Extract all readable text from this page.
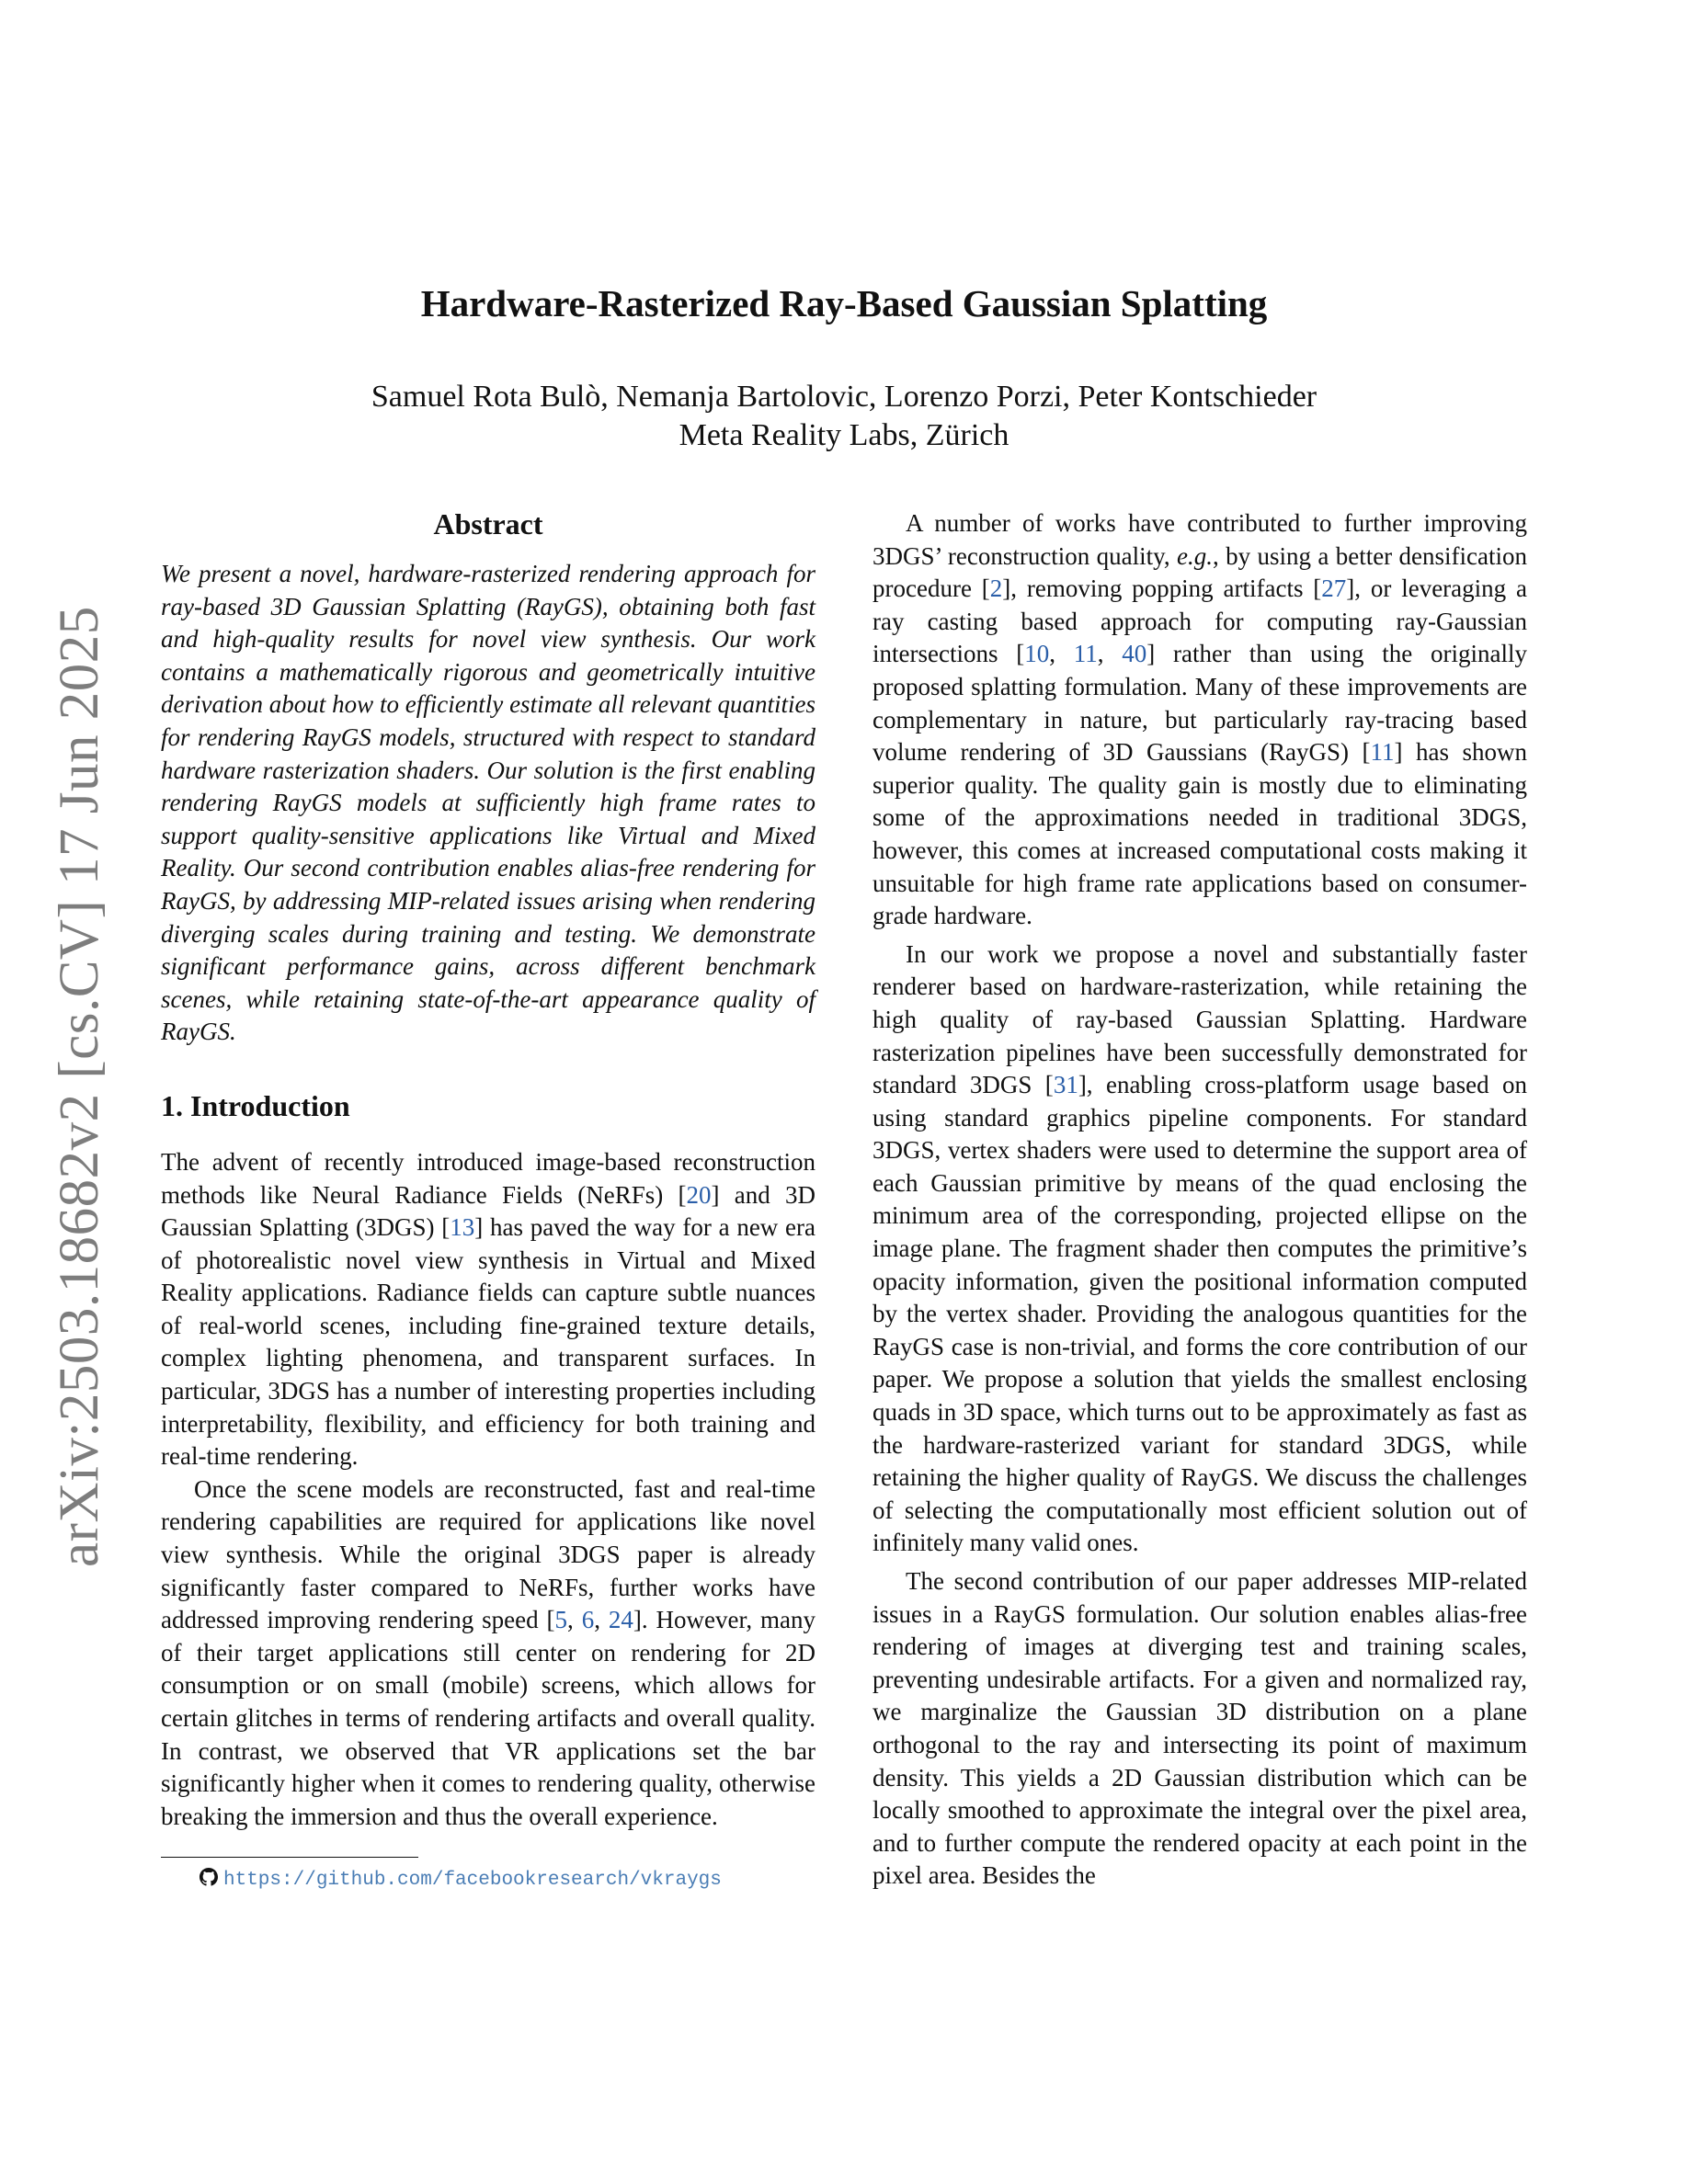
arXiv:2503.18682v2 [cs.CV] 17 Jun 2025
Hardware-Rasterized Ray-Based Gaussian Splatting
Samuel Rota Bulò, Nemanja Bartolovic, Lorenzo Porzi, Peter Kontschieder
Meta Reality Labs, Zürich
Abstract

We present a novel, hardware-rasterized rendering approach for ray-based 3D Gaussian Splatting (RayGS), obtaining both fast and high-quality results for novel view synthesis. Our work contains a mathematically rigorous and geometrically intuitive derivation about how to efficiently estimate all relevant quantities for rendering RayGS models, structured with respect to standard hardware rasterization shaders. Our solution is the first enabling rendering RayGS models at sufficiently high frame rates to support quality-sensitive applications like Virtual and Mixed Reality. Our second contribution enables alias-free rendering for RayGS, by addressing MIP-related issues arising when rendering diverging scales during training and testing. We demonstrate significant performance gains, across different benchmark scenes, while retaining state-of-the-art appearance quality of RayGS.

1. Introduction

The advent of recently introduced image-based reconstruction methods like Neural Radiance Fields (NeRFs) [20] and 3D Gaussian Splatting (3DGS) [13] has paved the way for a new era of photorealistic novel view synthesis in Virtual and Mixed Reality applications. Radiance fields can capture subtle nuances of real-world scenes, including fine-grained texture details, complex lighting phenomena, and transparent surfaces. In particular, 3DGS has a number of interesting properties including interpretability, flexibility, and efficiency for both training and real-time rendering.

Once the scene models are reconstructed, fast and real-time rendering capabilities are required for applications like novel view synthesis. While the original 3DGS paper is already significantly faster compared to NeRFs, further works have addressed improving rendering speed [5, 6, 24]. However, many of their target applications still center on rendering for 2D consumption or on small (mobile) screens, which allows for certain glitches in terms of rendering artifacts and overall quality. In contrast, we observed that VR applications set the bar significantly higher when it comes to rendering quality, otherwise breaking the immersion and thus the overall experience.

https://github.com/facebookresearch/vkraygs

A number of works have contributed to further improving 3DGS’ reconstruction quality, e.g., by using a better densification procedure [2], removing popping artifacts [27], or leveraging a ray casting based approach for computing ray-Gaussian intersections [10, 11, 40] rather than using the originally proposed splatting formulation. Many of these improvements are complementary in nature, but particularly ray-tracing based volume rendering of 3D Gaussians (RayGS) [11] has shown superior quality. The quality gain is mostly due to eliminating some of the approximations needed in traditional 3DGS, however, this comes at increased computational costs making it unsuitable for high frame rate applications based on consumer-grade hardware.

In our work we propose a novel and substantially faster renderer based on hardware-rasterization, while retaining the high quality of ray-based Gaussian Splatting. Hardware rasterization pipelines have been successfully demonstrated for standard 3DGS [31], enabling cross-platform usage based on using standard graphics pipeline components. For standard 3DGS, vertex shaders were used to determine the support area of each Gaussian primitive by means of the quad enclosing the minimum area of the corresponding, projected ellipse on the image plane. The fragment shader then computes the primitive’s opacity information, given the positional information computed by the vertex shader. Providing the analogous quantities for the RayGS case is non-trivial, and forms the core contribution of our paper. We propose a solution that yields the smallest enclosing quads in 3D space, which turns out to be approximately as fast as the hardware-rasterized variant for standard 3DGS, while retaining the higher quality of RayGS. We discuss the challenges of selecting the computationally most efficient solution out of infinitely many valid ones.

The second contribution of our paper addresses MIP-related issues in a RayGS formulation. Our solution enables alias-free rendering of images at diverging test and training scales, preventing undesirable artifacts. For a given and normalized ray, we marginalize the Gaussian 3D distribution on a plane orthogonal to the ray and intersecting its point of maximum density. This yields a 2D Gaussian distribution which can be locally smoothed to approximate the integral over the pixel area, and to further compute the rendered opacity at each point in the pixel area. Besides the
